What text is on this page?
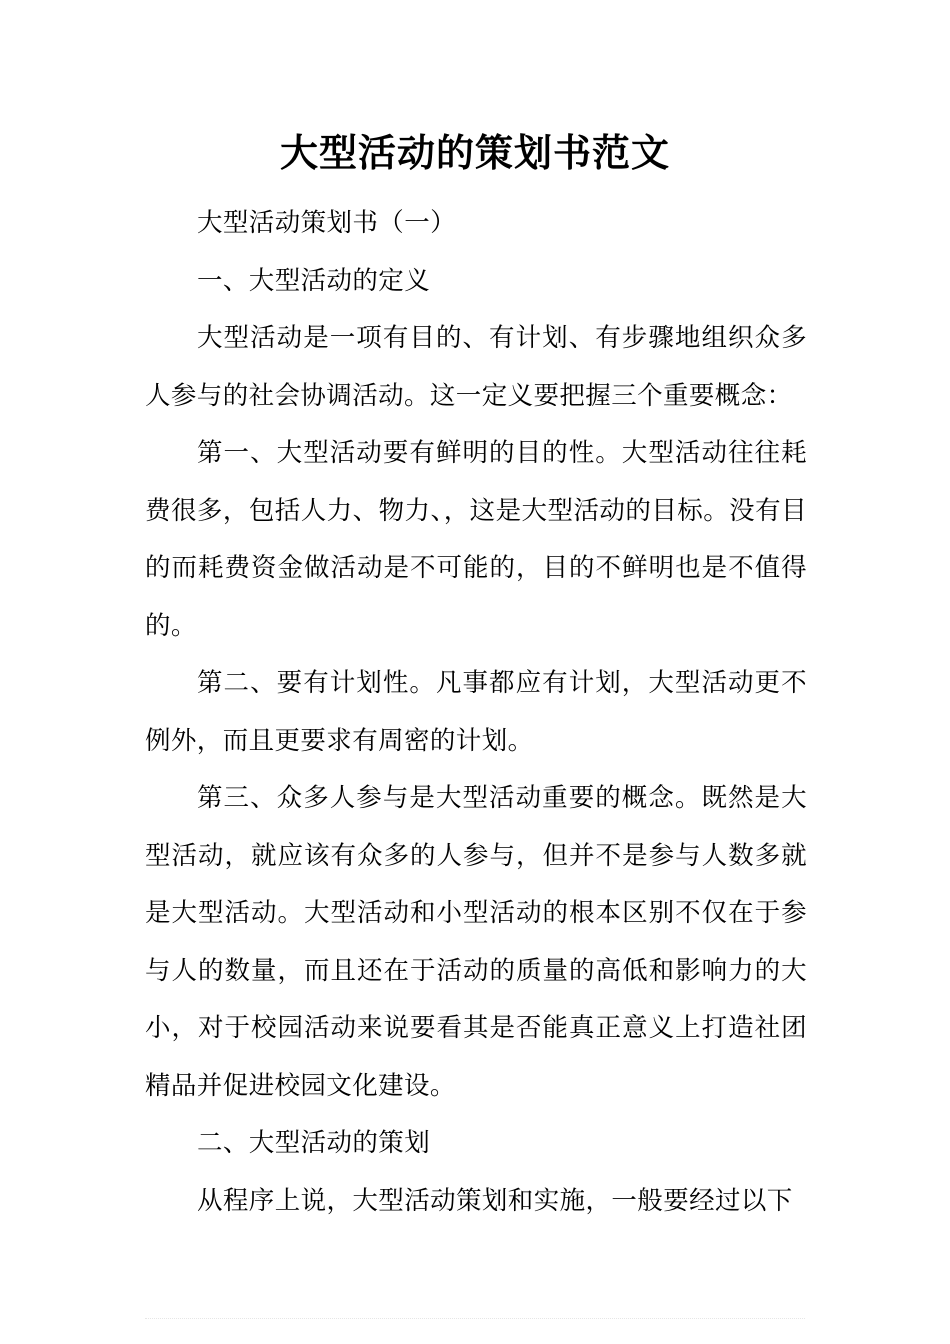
大型活动的策划书范文

大型活动策划书（一）

一、大型活动的定义

大型活动是一项有目的、有计划、有步骤地组织众多人参与的社会协调活动。这一定义要把握三个重要概念：

第一、大型活动要有鲜明的目的性。大型活动往往耗费很多，包括人力、物力、，这是大型活动的目标。没有目的而耗费资金做活动是不可能的，目的不鲜明也是不值得的。

第二、要有计划性。凡事都应有计划，大型活动更不例外，而且更要求有周密的计划。

第三、众多人参与是大型活动重要的概念。既然是大型活动，就应该有众多的人参与，但并不是参与人数多就是大型活动。大型活动和小型活动的根本区别不仅在于参与人的数量，而且还在于活动的质量的高低和影响力的大小，对于校园活动来说要看其是否能真正意义上打造社团精品并促进校园文化建设。

二、大型活动的策划

从程序上说，大型活动策划和实施，一般要经过以下
